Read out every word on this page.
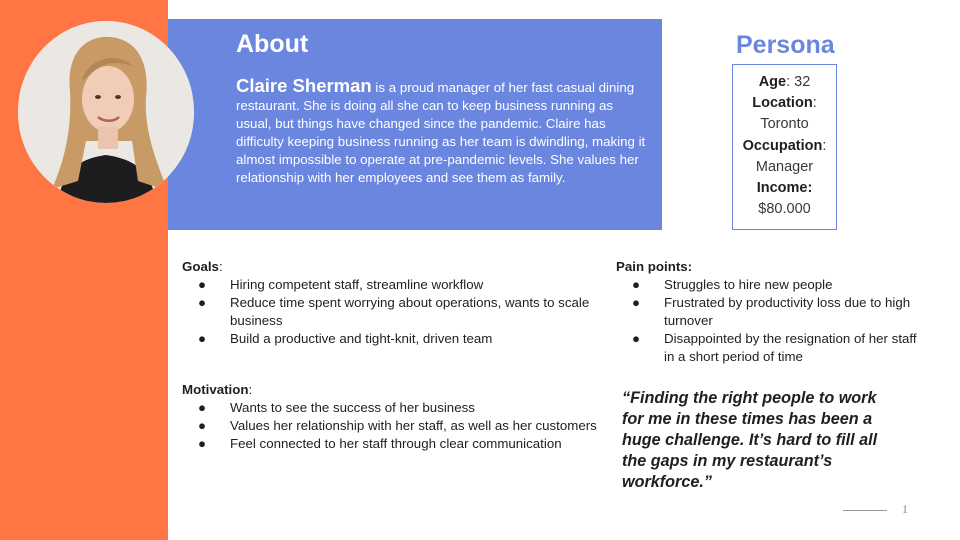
About
Claire Sherman is a proud manager of her fast casual dining restaurant. She is doing all she can to keep business running as usual, but things have changed since the pandemic. Claire has difficulty keeping business running as her team is dwindling, making it almost impossible to operate at pre-pandemic levels. She values her relationship with her employees and see them as family.
Persona
Age: 32
Location:
Toronto
Occupation:
Manager
Income:
$80.000

Goals:

● Hiring competent staff, streamline workflow
● Reduce time spent worrying about operations, wants to scale business
● Build a productive and tight-knit, driven team

Motivation:

● Wants to see the success of her business
● Values her relationship with her staff, as well as her customers
● Feel connected to her staff through clear communication

Pain points:

● Struggles to hire new people
● Frustrated by productivity loss due to high turnover
● Disappointed by the resignation of her staff in a short period of time
“Finding the right people to work for me in these times has been a huge challenge. It’s hard to fill all the gaps in my restaurant’s workforce.”
1
